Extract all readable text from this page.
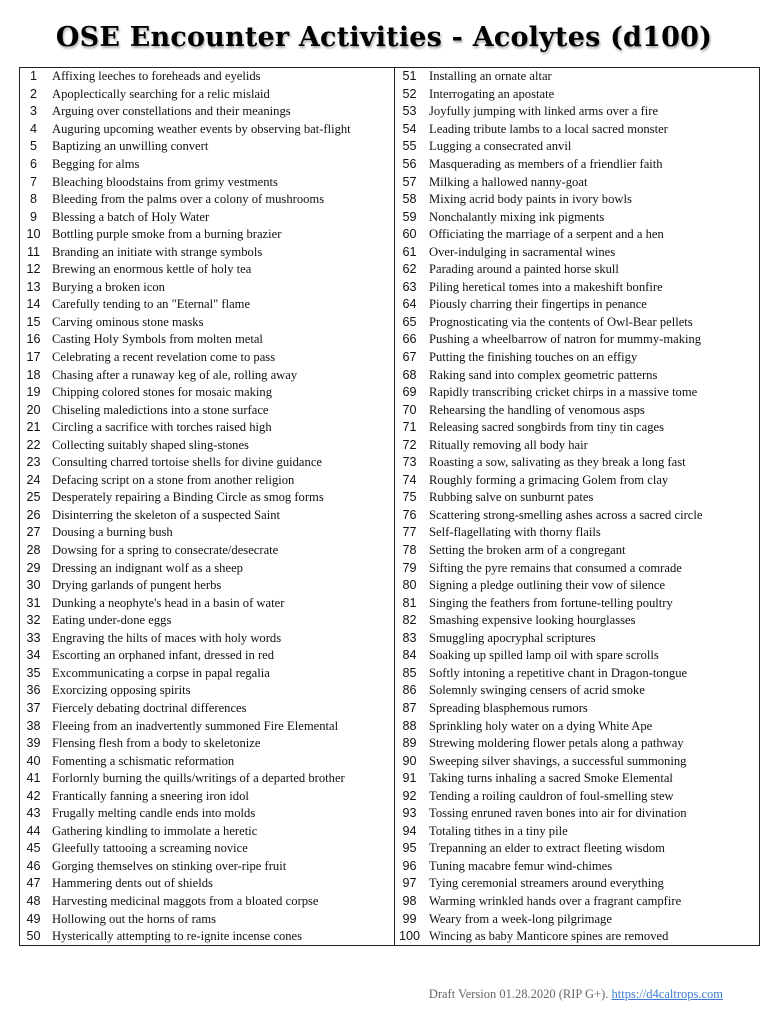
OSE Encounter Activities - Acolytes (d100)
1	Affixing leeches to foreheads and eyelids	51	Installing an ornate altar
2	Apoplectically searching for a relic mislaid	52	Interrogating an apostate
3	Arguing over constellations and their meanings	53	Joyfully jumping with linked arms over a fire
4	Auguring upcoming weather events by observing bat-flight	54	Leading tribute lambs to a local sacred monster
5	Baptizing an unwilling convert	55	Lugging a consecrated anvil
6	Begging for alms	56	Masquerading as members of a friendlier faith
7	Bleaching bloodstains from grimy vestments	57	Milking a hallowed nanny-goat
8	Bleeding from the palms over a colony of mushrooms	58	Mixing acrid body paints in ivory bowls
9	Blessing a batch of Holy Water	59	Nonchalantly mixing ink pigments
10	Bottling purple smoke from a burning brazier	60	Officiating the marriage of a serpent and a hen
11	Branding an initiate with strange symbols	61	Over-indulging in sacramental wines
12	Brewing an enormous kettle of holy tea	62	Parading around a painted horse skull
13	Burying a broken icon	63	Piling heretical tomes into a makeshift bonfire
14	Carefully tending to an "Eternal" flame	64	Piously charring their fingertips in penance
15	Carving ominous stone masks	65	Prognosticating via the contents of Owl-Bear pellets
16	Casting Holy Symbols from molten metal	66	Pushing a wheelbarrow of natron for mummy-making
17	Celebrating a recent revelation come to pass	67	Putting the finishing touches on an effigy
18	Chasing after a runaway keg of ale, rolling away	68	Raking sand into complex geometric patterns
19	Chipping colored stones for mosaic making	69	Rapidly transcribing cricket chirps in a massive tome
20	Chiseling maledictions into a stone surface	70	Rehearsing the handling of venomous asps
21	Circling a sacrifice with torches raised high	71	Releasing sacred songbirds from tiny tin cages
22	Collecting suitably shaped sling-stones	72	Ritually removing all body hair
23	Consulting charred tortoise shells for divine guidance	73	Roasting a sow, salivating as they break a long fast
24	Defacing script on a stone from another religion	74	Roughly forming a grimacing Golem from clay
25	Desperately repairing a Binding Circle as smog forms	75	Rubbing salve on sunburnt pates
26	Disinterring the skeleton of a suspected Saint	76	Scattering strong-smelling ashes across a sacred circle
27	Dousing a burning bush	77	Self-flagellating with thorny flails
28	Dowsing for a spring to consecrate/desecrate	78	Setting the broken arm of a congregant
29	Dressing an indignant wolf as a sheep	79	Sifting the pyre remains that consumed a comrade
30	Drying garlands of pungent herbs	80	Signing a pledge outlining their vow of silence
31	Dunking a neophyte's head in a basin of water	81	Singing the feathers from fortune-telling poultry
32	Eating under-done eggs	82	Smashing expensive looking hourglasses
33	Engraving the hilts of maces with holy words	83	Smuggling apocryphal scriptures
34	Escorting an orphaned infant, dressed in red	84	Soaking up spilled lamp oil with spare scrolls
35	Excommunicating a corpse in papal regalia	85	Softly intoning a repetitive chant in Dragon-tongue
36	Exorcizing opposing spirits	86	Solemnly swinging censers of acrid smoke
37	Fiercely debating doctrinal differences	87	Spreading blasphemous rumors
38	Fleeing from an inadvertently summoned Fire Elemental	88	Sprinkling holy water on a dying White Ape
39	Flensing flesh from a body to skeletonize	89	Strewing moldering flower petals along a pathway
40	Fomenting a schismatic reformation	90	Sweeping silver shavings, a successful summoning
41	Forlornly burning the quills/writings of a departed brother	91	Taking turns inhaling a sacred Smoke Elemental
42	Frantically fanning a sneering iron idol	92	Tending a roiling cauldron of foul-smelling stew
43	Frugally melting candle ends into molds	93	Tossing enruned raven bones into air for divination
44	Gathering kindling to immolate a heretic	94	Totaling tithes in a tiny pile
45	Gleefully tattooing a screaming novice	95	Trepanning an elder to extract fleeting wisdom
46	Gorging themselves on stinking over-ripe fruit	96	Tuning macabre femur wind-chimes
47	Hammering dents out of shields	97	Tying ceremonial streamers around everything
48	Harvesting medicinal maggots from a bloated corpse	98	Warming wrinkled hands over a fragrant campfire
49	Hollowing out the horns of rams	99	Weary from a week-long pilgrimage
50	Hysterically attempting to re-ignite incense cones	100	Wincing as baby Manticore spines are removed
Draft Version 01.28.2020 (RIP G+). https://d4caltrops.com
